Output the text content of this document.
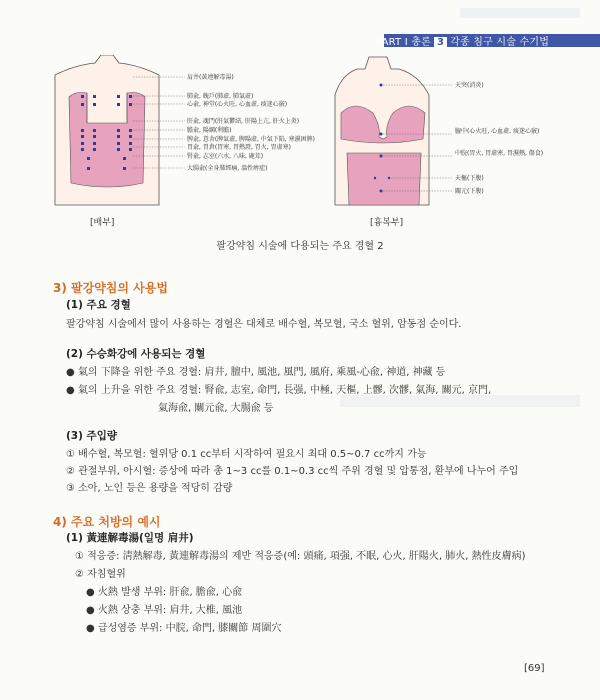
PART Ⅰ 총론 3 각종 침구 시술 수기법
肩井(黃連解毒湯)
肺兪, 魄戶(肺虛, 肺氣虛)
心兪, 神堂(心火旺, 心血虛, 痰迷心竅)
肝兪, 魂門(肝氣鬱結, 肝陽上亢, 肝火上炎)
膽兪, 陽綱(利膽)
脾兪, 意舍(脾氣虛, 脾陽虛, 中氣下陷, 寒濕困脾)
胃兪, 胃倉(胃寒, 胃熱證, 胃火, 胃虛寒)
腎兪, 志室(六水, 八味, 鹿茸)
大腸兪(全身肺經痛, 溫性痹症)
天突(消炎)
膻中(心火旺, 心血虛, 痰迷心竅)
中脘(胃火, 胃虛寒, 胃濕熱, 傷食)
天樞(下腹)
關元(下腹)
[배부]	[흉복부]
팔강약침 시술에 다용되는 주요 경혈 2
3) 팔강약침의 사용법
(1) 주요 경혈
팔강약침 시술에서 많이 사용하는 경혈은 대체로 배수혈, 복모혈, 국소 혈위, 암동점 순이다.
(2) 수승화강에 사용되는 경혈
● 氣의 下降을 위한 주요 경혈: 肩井, 膻中, 風池, 風門, 風府, 乘風-心兪, 神道, 神藏 등
● 氣의 上升을 위한 주요 경혈: 腎兪, 志室, 命門, 長强, 中極, 天樞, 上髎, 次髎, 氣海, 關元, 京門,
氣海兪, 關元兪, 大腸兪 등
(3) 주입량
① 배수혈, 복모혈: 혈위당 0.1 cc부터 시작하여 필요시 최대 0.5~0.7 cc까지 가능
② 관절부위, 아시혈: 증상에 따라 총 1~3 cc를 0.1~0.3 cc씩 주위 경혈 및 압통점, 환부에 나누어 주입
③ 소아, 노인 등은 용량을 적당히 감량
4) 주요 처방의 예시
(1) 黃連解毒湯(일명 肩井)
① 적응증: 淸熱解毒, 黃連解毒湯의 제반 적응증(예: 頭痛, 項强, 不眠, 心火, 肝陽火, 肺火, 熱性皮膚病)
② 자침혈위
● 火熱 발생 부위: 肝兪, 膽兪, 心兪
● 火熱 상충 부위: 肩井, 大椎, 風池
● 급성염증 부위: 中脘, 命門, 膝關節 周圍穴
[69]
